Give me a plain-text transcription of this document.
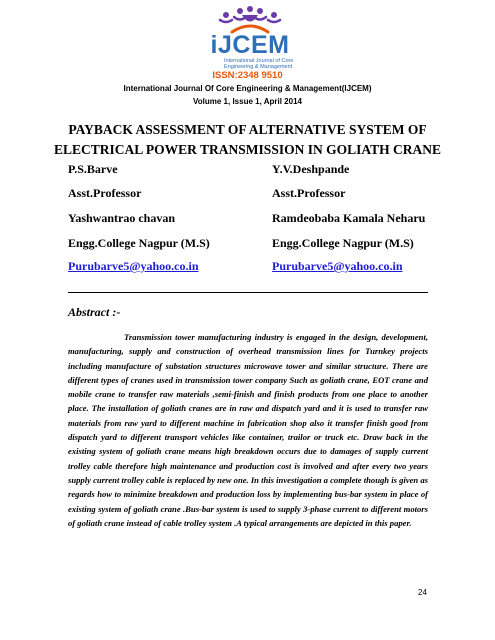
iJCEM
International Journal of Core
Engineering & Management
ISSN:2348 9510
International Journal Of Core Engineering & Management(IJCEM)
Volume 1, Issue 1, April 2014
PAYBACK ASSESSMENT OF ALTERNATIVE SYSTEM OF
ELECTRICAL POWER TRANSMISSION IN GOLIATH CRANE
P.S.Barve
Asst.Professor
Yashwantrao chavan
Engg.College Nagpur (M.S)
Purubarve5@yahoo.co.in
Y.V.Deshpande
Asst.Professor
Ramdeobaba Kamala Neharu
Engg.College Nagpur (M.S)
Purubarve5@yahoo.co.in
Abstract :-
Transmission tower manufacturing industry is engaged in the design, development, manufacturing, supply and construction of overhead transmission lines for Turnkey projects including manufacture of substation structures microwave tower and similar structure. There are different types of cranes used in transmission tower company Such as goliath crane, EOT crane and mobile crane to transfer raw materials ,semi-finish and finish products from one place to another place. The installation of goliath cranes are in raw and dispatch yard and it is used to transfer raw materials from raw yard to different machine in fabrication shop also it transfer finish good from dispatch yard to different transport vehicles like container, trailor or truck etc. Draw back in the existing system of goliath crane means high breakdown occurs due to damages of supply current trolley cable therefore high maintenance and production cost is involved and after every two years supply current trolley cable is replaced by new one. In this investigation a complete though is given as regards how to minimize breakdown and production loss by implementing bus-bar system in place of existing system of goliath crane .Bus-bar system is used to supply 3-phase current to different motors of goliath crane instead of cable trolley system .A typical arrangements are depicted in this paper.
24
